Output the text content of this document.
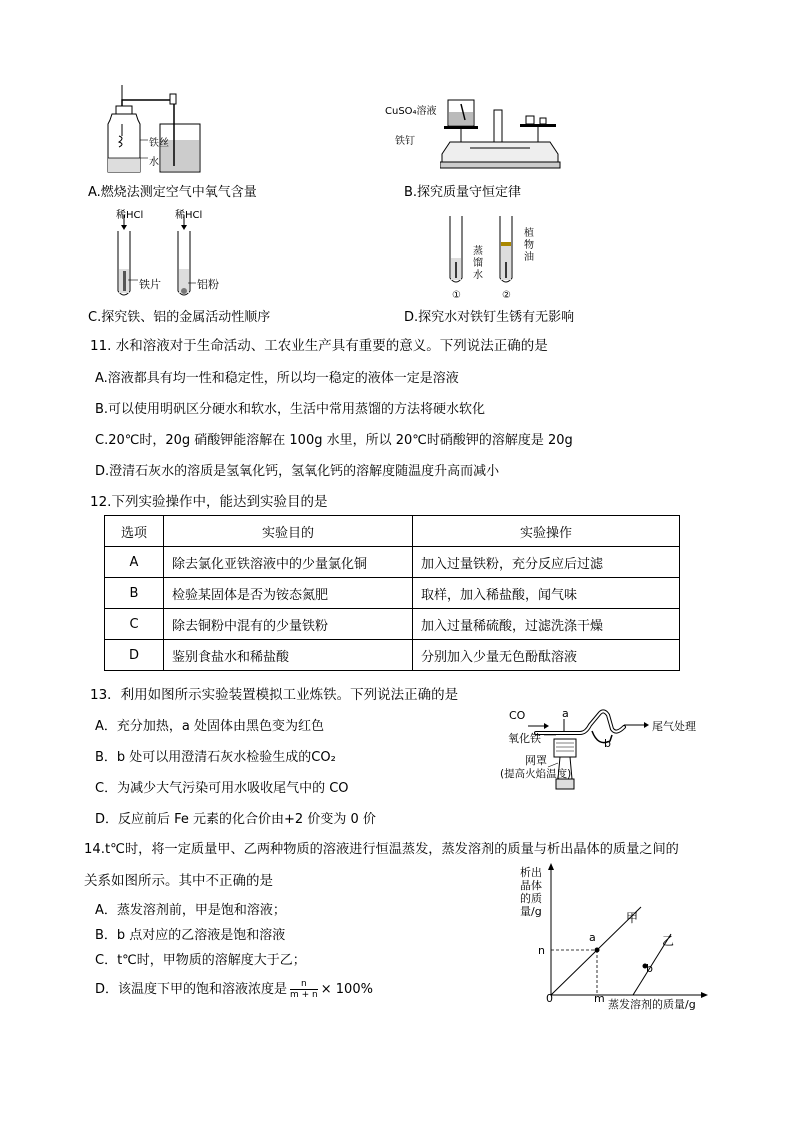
铁丝
水
A.燃烧法测定空气中氧气含量
CuSO₄溶液
铁钉
B.探究质量守恒定律
稀HCl	稀HCl
铁片	铝粉
C.探究铁、铝的金属活动性顺序
①	②
蒸馏水
植物油
D.探究水对铁钉生锈有无影响
11. 水和溶液对于生命活动、工农业生产具有重要的意义。下列说法正确的是
A.溶液都具有均一性和稳定性，所以均一稳定的液体一定是溶液
B.可以使用明矾区分硬水和软水，生活中常用蒸馏的方法将硬水软化
C.20℃时，20g 硝酸钾能溶解在 100g 水里，所以 20℃时硝酸钾的溶解度是 20g
D.澄清石灰水的溶质是氢氧化钙，氢氧化钙的溶解度随温度升高而减小
12.下列实验操作中，能达到实验目的是
选项	实验目的	实验操作
A	除去氯化亚铁溶液中的少量氯化铜	加入过量铁粉，充分反应后过滤
B	检验某固体是否为铵态氮肥	取样，加入稀盐酸，闻气味
C	除去铜粉中混有的少量铁粉	加入过量稀硫酸，过滤洗涤干燥
D	鉴别食盐水和稀盐酸	分别加入少量无色酚酞溶液
13．利用如图所示实验装置模拟工业炼铁。下列说法正确的是
A．充分加热，a 处固体由黑色变为红色
B．b 处可以用澄清石灰水检验生成的CO₂
C．为减少大气污染可用水吸收尾气中的 CO
D．反应前后 Fe 元素的化合价由+2 价变为 0 价
CO	a
尾气处理
氧化铁	b
网罩
(提高火焰温度)
14.t℃时，将一定质量甲、乙两种物质的溶液进行恒温蒸发，蒸发溶剂的质量与析出晶体的质量之间的
关系如图所示。其中不正确的是
A．蒸发溶剂前，甲是饱和溶液；
B．b 点对应的乙溶液是饱和溶液
C．t℃时，甲物质的溶解度大于乙；
D．该温度下甲的饱和溶液浓度是 $\frac{n}{m + n} \times 100\%$
析出晶体的质量/g
蒸发溶剂的质量/g
0	m
n
甲
乙
a
b
